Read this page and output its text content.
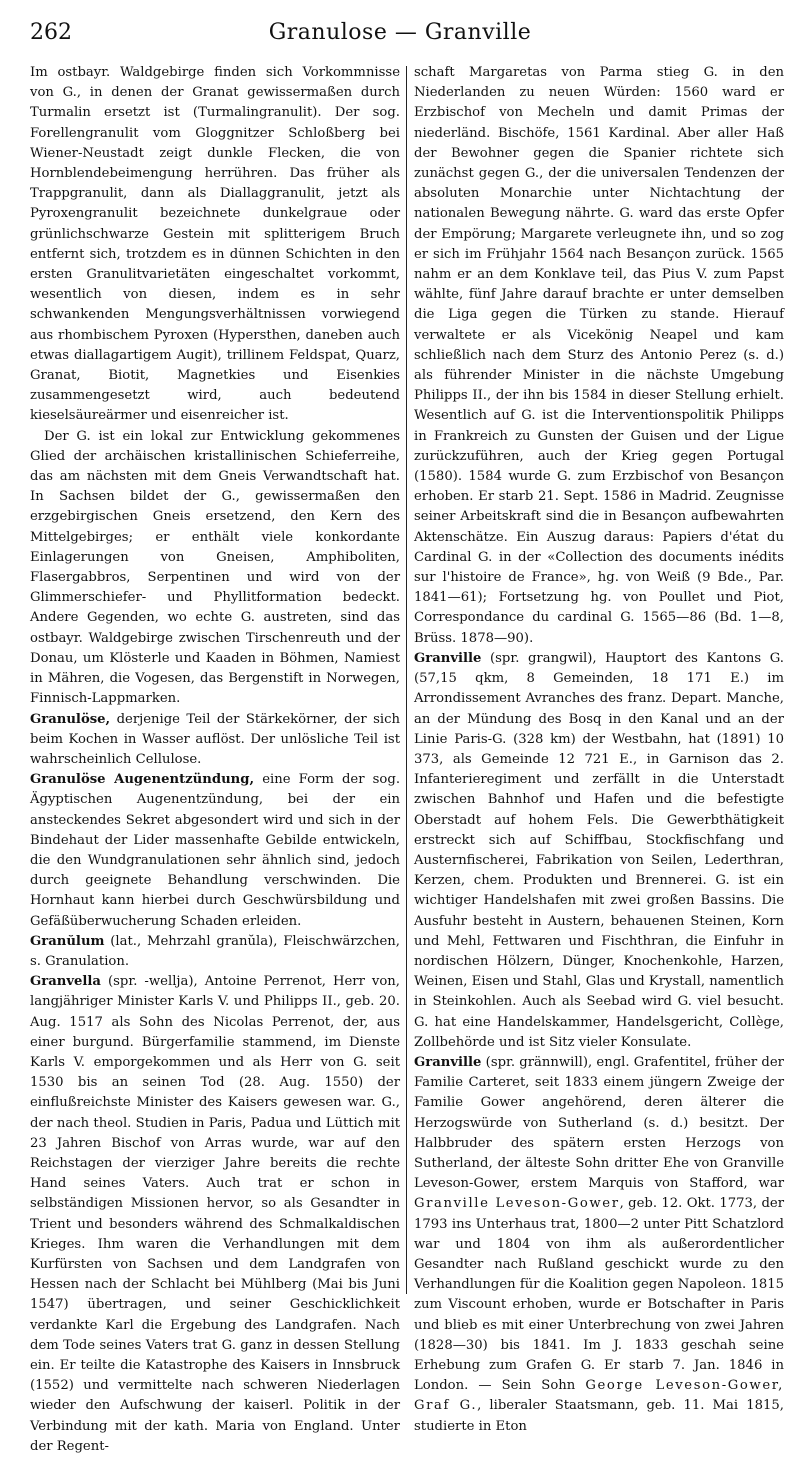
262	Granulose — Granville

Im ostbayr. Waldgebirge finden sich Vorkommnisse von G., in denen der Granat gewissermaßen durch Turmalin ersetzt ist (Turmalingranulit). Der sog. Forellengranulit vom Gloggnitzer Schloßberg bei Wiener-Neustadt zeigt dunkle Flecken, die von Hornblendebeimengung herrühren. Das früher als Trappgranulit, dann als Diallaggranulit, jetzt als Pyroxengranulit bezeichnete dunkelgraue oder grünlichschwarze Gestein mit splitterigem Bruch entfernt sich, trotzdem es in dünnen Schichten in den ersten Granulitvarietäten eingeschaltet vorkommt, wesentlich von diesen, indem es in sehr schwankenden Mengungsverhältnissen vorwiegend aus rhombischem Pyroxen (Hypersthen, daneben auch etwas diallagartigem Augit), trillinem Feldspat, Quarz, Granat, Biotit, Magnetkies und Eisenkies zusammengesetzt wird, auch bedeutend kieselsäureärmer und eisenreicher ist.

Der G. ist ein lokal zur Entwicklung gekommenes Glied der archäischen kristallinischen Schieferreihe, das am nächsten mit dem Gneis Verwandtschaft hat. In Sachsen bildet der G., gewissermaßen den erzgebirgischen Gneis ersetzend, den Kern des Mittelgebirges; er enthält viele konkordante Einlagerungen von Gneisen, Amphiboliten, Flasergabbros, Serpentinen und wird von der Glimmerschiefer- und Phyllitformation bedeckt. Andere Gegenden, wo echte G. austreten, sind das ostbayr. Waldgebirge zwischen Tirschenreuth und der Donau, um Klösterle und Kaaden in Böhmen, Namiest in Mähren, die Vogesen, das Bergenstift in Norwegen, Finnisch-Lappmarken.

Granulöse, derjenige Teil der Stärkekörner, der sich beim Kochen in Wasser auflöst. Der unlösliche Teil ist wahrscheinlich Cellulose.

Granulöse Augenentzündung, eine Form der sog. Ägyptischen Augenentzündung, bei der ein ansteckendes Sekret abgesondert wird und sich in der Bindehaut der Lider massenhafte Gebilde entwickeln, die den Wundgranulationen sehr ähnlich sind, jedoch durch geeignete Behandlung verschwinden. Die Hornhaut kann hierbei durch Geschwürsbildung und Gefäßüberwucherung Schaden erleiden.

Granŭlum (lat., Mehrzahl granŭla), Fleischwärzchen, s. Granulation.

Granvella (spr. -wellja), Antoine Perrenot, Herr von, langjähriger Minister Karls V. und Philipps II., geb. 20. Aug. 1517 als Sohn des Nicolas Perrenot, der, aus einer burgund. Bürgerfamilie stammend, im Dienste Karls V. emporgekommen und als Herr von G. seit 1530 bis an seinen Tod (28. Aug. 1550) der einflußreichste Minister des Kaisers gewesen war. G., der nach theol. Studien in Paris, Padua und Lüttich mit 23 Jahren Bischof von Arras wurde, war auf den Reichstagen der vierziger Jahre bereits die rechte Hand seines Vaters. Auch trat er schon in selbständigen Missionen hervor, so als Gesandter in Trient und besonders während des Schmalkaldischen Krieges. Ihm waren die Verhandlungen mit dem Kurfürsten von Sachsen und dem Landgrafen von Hessen nach der Schlacht bei Mühlberg (Mai bis Juni 1547) übertragen, und seiner Geschicklichkeit verdankte Karl die Ergebung des Landgrafen. Nach dem Tode seines Vaters trat G. ganz in dessen Stellung ein. Er teilte die Katastrophe des Kaisers in Innsbruck (1552) und vermittelte nach schweren Niederlagen wieder den Aufschwung der kaiserl. Politik in der Verbindung mit der kath. Maria von England. Unter der Regent-

schaft Margaretas von Parma stieg G. in den Niederlanden zu neuen Würden: 1560 ward er Erzbischof von Mecheln und damit Primas der niederländ. Bischöfe, 1561 Kardinal. Aber aller Haß der Bewohner gegen die Spanier richtete sich zunächst gegen G., der die universalen Tendenzen der absoluten Monarchie unter Nichtachtung der nationalen Bewegung nährte. G. ward das erste Opfer der Empörung; Margarete verleugnete ihn, und so zog er sich im Frühjahr 1564 nach Besançon zurück. 1565 nahm er an dem Konklave teil, das Pius V. zum Papst wählte, fünf Jahre darauf brachte er unter demselben die Liga gegen die Türken zu stande. Hierauf verwaltete er als Vicekönig Neapel und kam schließlich nach dem Sturz des Antonio Perez (s. d.) als führender Minister in die nächste Umgebung Philipps II., der ihn bis 1584 in dieser Stellung erhielt. Wesentlich auf G. ist die Interventionspolitik Philipps in Frankreich zu Gunsten der Guisen und der Ligue zurückzuführen, auch der Krieg gegen Portugal (1580). 1584 wurde G. zum Erzbischof von Besançon erhoben. Er starb 21. Sept. 1586 in Madrid. Zeugnisse seiner Arbeitskraft sind die in Besançon aufbewahrten Aktenschätze. Ein Auszug daraus: Papiers d'état du Cardinal G. in der «Collection des documents inédits sur l'histoire de France», hg. von Weiß (9 Bde., Par. 1841—61); Fortsetzung hg. von Poullet und Piot, Correspondance du cardinal G. 1565—86 (Bd. 1—8, Brüss. 1878—90).

Granville (spr. grangwil), Hauptort des Kantons G. (57,15 qkm, 8 Gemeinden, 18 171 E.) im Arrondissement Avranches des franz. Depart. Manche, an der Mündung des Bosq in den Kanal und an der Linie Paris-G. (328 km) der Westbahn, hat (1891) 10 373, als Gemeinde 12 721 E., in Garnison das 2. Infanterieregiment und zerfällt in die Unterstadt zwischen Bahnhof und Hafen und die befestigte Oberstadt auf hohem Fels. Die Gewerbthätigkeit erstreckt sich auf Schiffbau, Stockfischfang und Austernfischerei, Fabrikation von Seilen, Lederthran, Kerzen, chem. Produkten und Brennerei. G. ist ein wichtiger Handelshafen mit zwei großen Bassins. Die Ausfuhr besteht in Austern, behauenen Steinen, Korn und Mehl, Fettwaren und Fischthran, die Einfuhr in nordischen Hölzern, Dünger, Knochenkohle, Harzen, Weinen, Eisen und Stahl, Glas und Krystall, namentlich in Steinkohlen. Auch als Seebad wird G. viel besucht. G. hat eine Handelskammer, Handelsgericht, Collège, Zollbehörde und ist Sitz vieler Konsulate.

Granville (spr. grännwill), engl. Grafentitel, früher der Familie Carteret, seit 1833 einem jüngern Zweige der Familie Gower angehörend, deren älterer die Herzogswürde von Sutherland (s. d.) besitzt. Der Halbbruder des spätern ersten Herzogs von Sutherland, der älteste Sohn dritter Ehe von Granville Leveson-Gower, erstem Marquis von Stafford, war Granville Leveson-Gower, geb. 12. Okt. 1773, der 1793 ins Unterhaus trat, 1800—2 unter Pitt Schatzlord war und 1804 von ihm als außerordentlicher Gesandter nach Rußland geschickt wurde zu den Verhandlungen für die Koalition gegen Napoleon. 1815 zum Viscount erhoben, wurde er Botschafter in Paris und blieb es mit einer Unterbrechung von zwei Jahren (1828—30) bis 1841. Im J. 1833 geschah seine Erhebung zum Grafen G. Er starb 7. Jan. 1846 in London. — Sein Sohn George Leveson-Gower, Graf G., liberaler Staatsmann, geb. 11. Mai 1815, studierte in Eton
